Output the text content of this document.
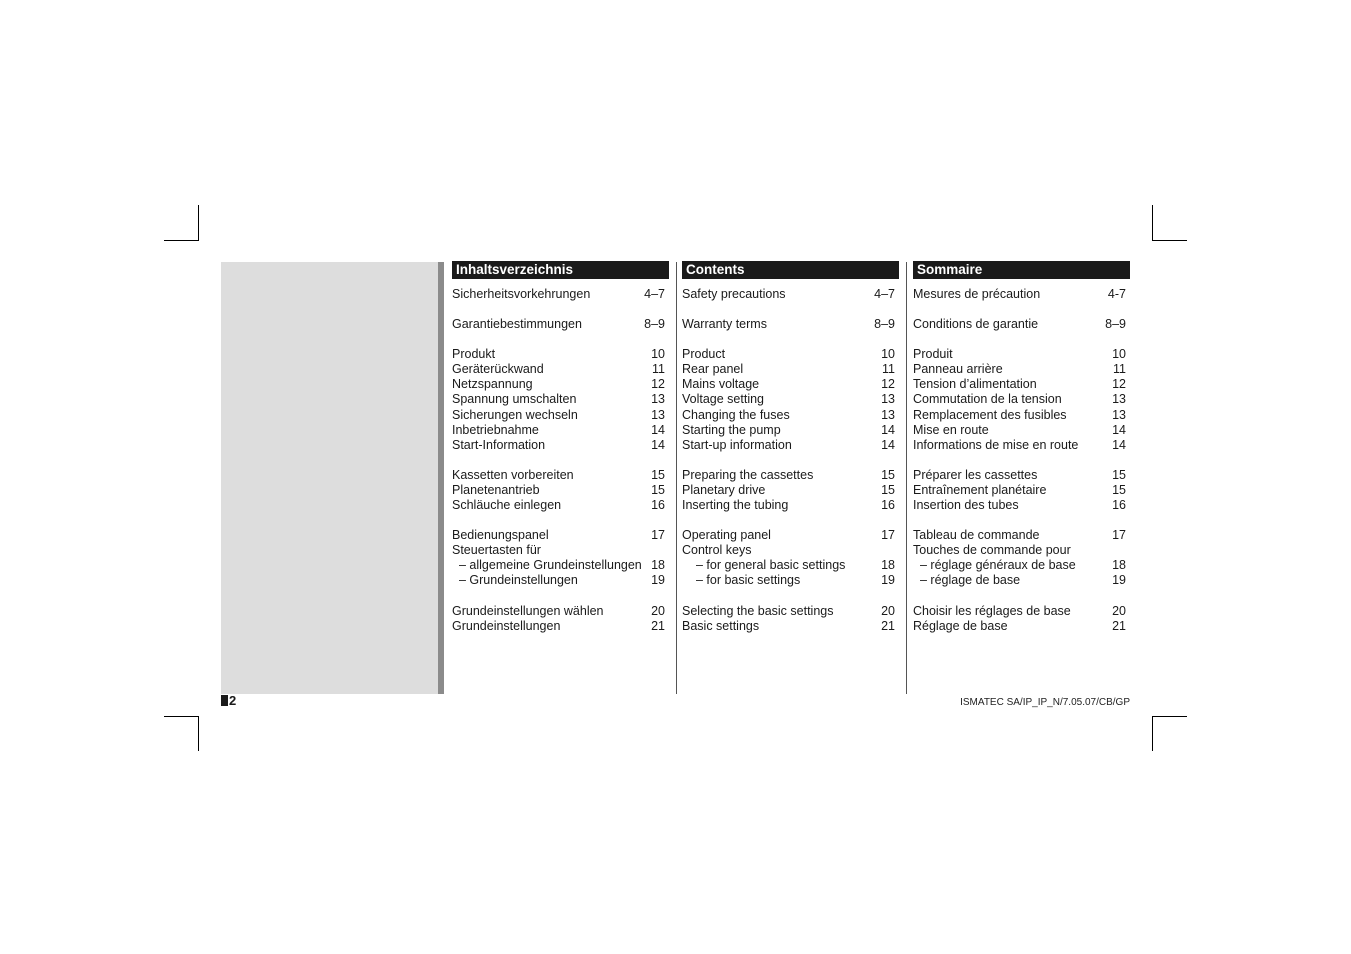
Inhaltsverzeichnis
Sicherheitsvorkehrungen	4–7
Garantiebestimmungen	8–9
Produkt	10
Geräterückwand	11
Netzspannung	12
Spannung umschalten	13
Sicherungen wechseln	13
Inbetriebnahme	14
Start-Information	14
Kassetten vorbereiten	15
Planetenantrieb	15
Schläuche einlegen	16
Bedienungspanel	17
Steuertasten für
– allgemeine Grundeinstellungen 18
– Grundeinstellungen	19
Grundeinstellungen wählen	20
Grundeinstellungen	21
Contents
Safety precautions	4–7
Warranty terms	8–9
Product	10
Rear panel	11
Mains voltage	12
Voltage setting	13
Changing the fuses	13
Starting the pump	14
Start-up information	14
Preparing the cassettes	15
Planetary drive	15
Inserting the tubing	16
Operating panel	17
Control keys
– for general basic settings	18
– for basic settings	19
Selecting the basic settings	20
Basic settings	21
Sommaire
Mesures de précaution	4-7
Conditions de garantie	8–9
Produit	10
Panneau arrière	11
Tension d’alimentation	12
Commutation de la tension	13
Remplacement des fusibles	13
Mise en route	14
Informations de mise en route	14
Préparer les cassettes	15
Entraînement planétaire	15
Insertion des tubes	16
Tableau de commande	17
Touches de commande pour
– réglage généraux de base	18
– réglage de base	19
Choisir les réglages de base	20
Réglage de base	21
2	ISMATEC SA/IP_IP_N/7.05.07/CB/GP
